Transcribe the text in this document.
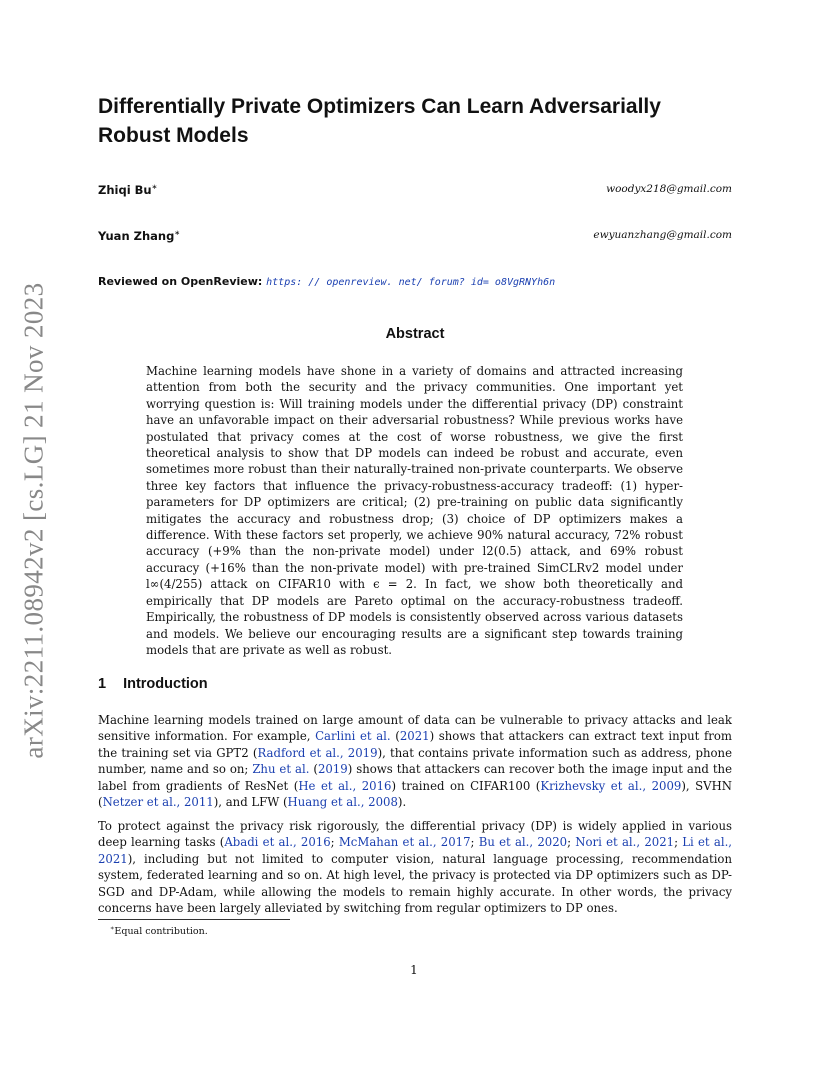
arXiv:2211.08942v2 [cs.LG] 21 Nov 2023
Differentially Private Optimizers Can Learn Adversarially Robust Models
Zhiqi Bu∗	woodyx218@gmail.com
Yuan Zhang∗	ewyuanzhang@gmail.com
Reviewed on OpenReview: https: // openreview. net/ forum? id= o8VgRNYh6n
Abstract

Machine learning models have shone in a variety of domains and attracted increasing attention from both the security and the privacy communities. One important yet worrying question is: Will training models under the differential privacy (DP) constraint have an unfavorable impact on their adversarial robustness? While previous works have postulated that privacy comes at the cost of worse robustness, we give the first theoretical analysis to show that DP models can indeed be robust and accurate, even sometimes more robust than their naturally-trained non-private counterparts. We observe three key factors that influence the privacy-robustness-accuracy tradeoff: (1) hyper-parameters for DP optimizers are critical; (2) pre-training on public data significantly mitigates the accuracy and robustness drop; (3) choice of DP optimizers makes a difference. With these factors set properly, we achieve 90% natural accuracy, 72% robust accuracy (+9% than the non-private model) under l2(0.5) attack, and 69% robust accuracy (+16% than the non-private model) with pre-trained SimCLRv2 model under l∞(4/255) attack on CIFAR10 with ϵ = 2. In fact, we show both theoretically and empirically that DP models are Pareto optimal on the accuracy-robustness tradeoff. Empirically, the robustness of DP models is consistently observed across various datasets and models. We believe our encouraging results are a significant step towards training models that are private as well as robust.

1 Introduction

Machine learning models trained on large amount of data can be vulnerable to privacy attacks and leak sensitive information. For example, Carlini et al. (2021) shows that attackers can extract text input from the training set via GPT2 (Radford et al., 2019), that contains private information such as address, phone number, name and so on; Zhu et al. (2019) shows that attackers can recover both the image input and the label from gradients of ResNet (He et al., 2016) trained on CIFAR100 (Krizhevsky et al., 2009), SVHN (Netzer et al., 2011), and LFW (Huang et al., 2008).

To protect against the privacy risk rigorously, the differential privacy (DP) is widely applied in various deep learning tasks (Abadi et al., 2016; McMahan et al., 2017; Bu et al., 2020; Nori et al., 2021; Li et al., 2021), including but not limited to computer vision, natural language processing, recommendation system, federated learning and so on. At high level, the privacy is protected via DP optimizers such as DP-SGD and DP-Adam, while allowing the models to remain highly accurate. In other words, the privacy concerns have been largely alleviated by switching from regular optimizers to DP ones.

∗Equal contribution.
1
